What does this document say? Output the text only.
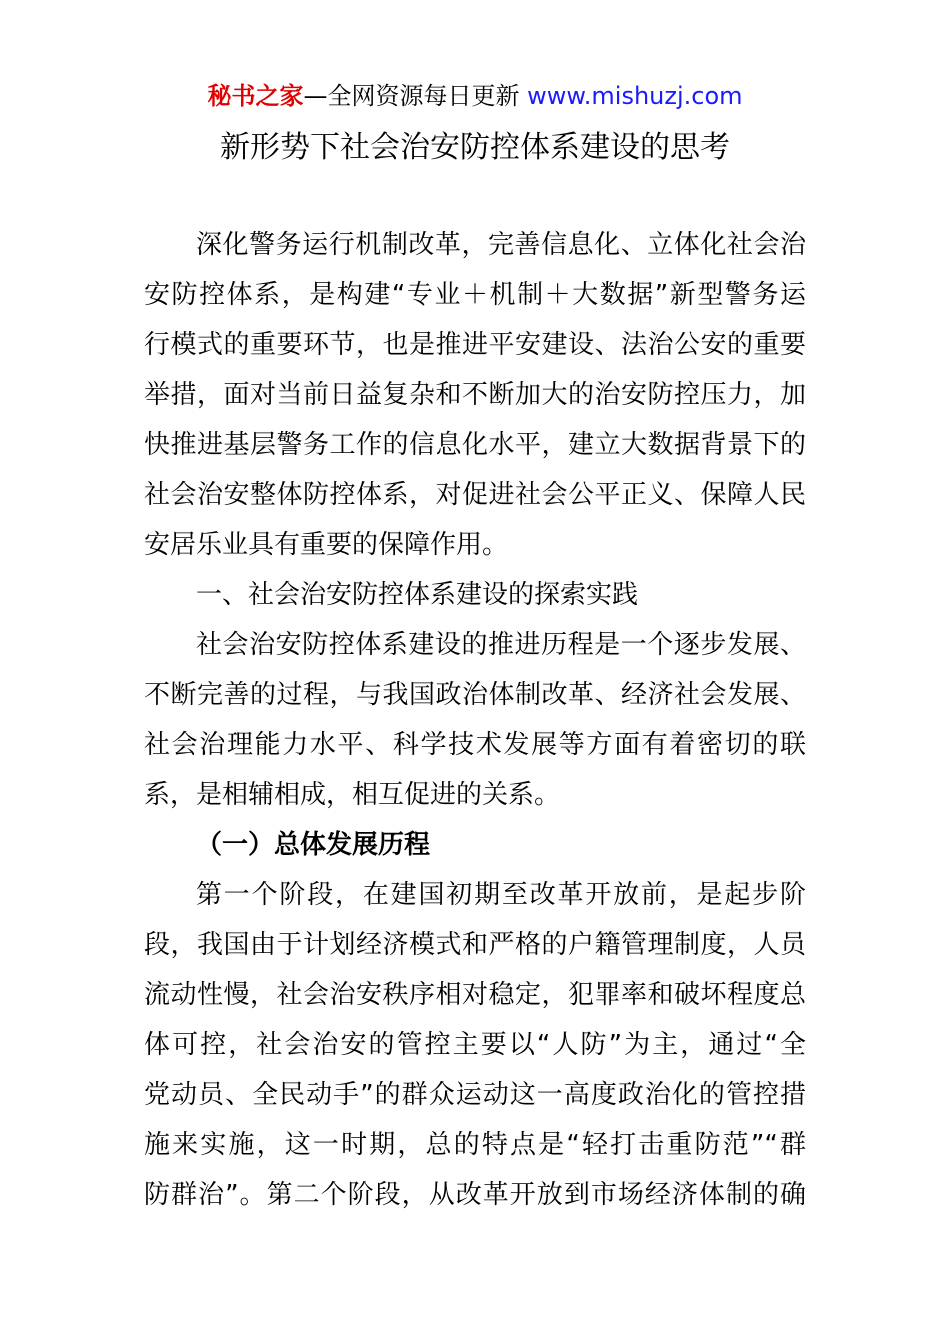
秘书之家—全网资源每日更新 www.mishuzj.com
新形势下社会治安防控体系建设的思考
深化警务运行机制改革，完善信息化、立体化社会治
安防控体系，是构建“专业＋机制＋大数据”新型警务运
行模式的重要环节，也是推进平安建设、法治公安的重要
举措，面对当前日益复杂和不断加大的治安防控压力，加
快推进基层警务工作的信息化水平，建立大数据背景下的
社会治安整体防控体系，对促进社会公平正义、保障人民
安居乐业具有重要的保障作用。
一、社会治安防控体系建设的探索实践
社会治安防控体系建设的推进历程是一个逐步发展、
不断完善的过程，与我国政治体制改革、经济社会发展、
社会治理能力水平、科学技术发展等方面有着密切的联
系，是相辅相成，相互促进的关系。
（一）总体发展历程
第一个阶段，在建国初期至改革开放前，是起步阶
段，我国由于计划经济模式和严格的户籍管理制度，人员
流动性慢，社会治安秩序相对稳定，犯罪率和破坏程度总
体可控，社会治安的管控主要以“人防”为主，通过“全
党动员、全民动手”的群众运动这一高度政治化的管控措
施来实施，这一时期，总的特点是“轻打击重防范”“群
防群治”。第二个阶段，从改革开放到市场经济体制的确
